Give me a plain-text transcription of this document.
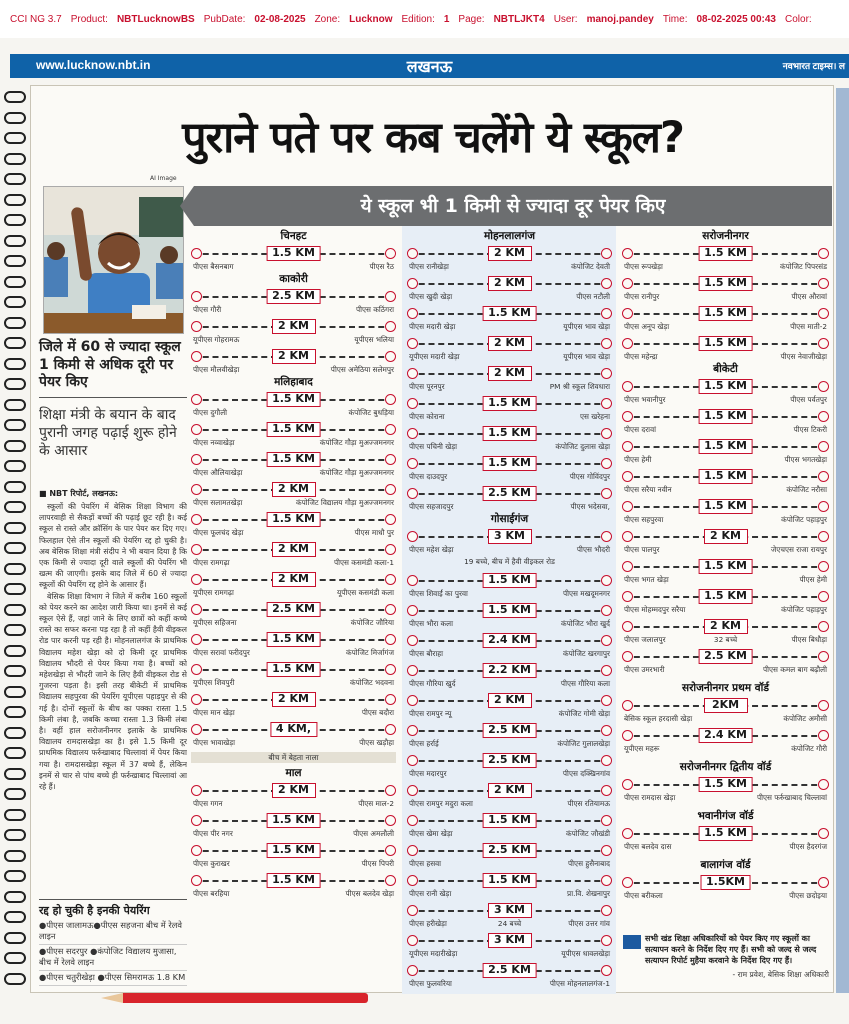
CCI NG 3.7 Product: NBTLucknowBS PubDate: 02-08-2025 Zone: Lucknow Edition: 1 Page: NBTLJKT4 User: manoj.pandey Time: 08-02-2025 00:43 Color:
www.lucknow.nbt.in	लखनऊ	नवभारत टाइम्स। ल
पुराने पते पर कब चलेंगे ये स्कूल?
AI Image
ये स्कूल भी 1 किमी से ज्यादा दूर पेयर किए
जिले में 60 से ज्यादा स्कूल 1 किमी से अधिक दूरी पर पेयर किए
शिक्षा मंत्री के बयान के बाद पुरानी जगह पढ़ाई शुरू होने के आसार
■ NBT रिपोर्ट, लखनऊ:

स्कूलों की पेयरिंग में बेसिक शिक्षा विभाग की लापरवाही से सैकड़ों बच्चों की पढ़ाई छूट रही है। कई स्कूल से रास्ते और क्रॉसिंग के पार पेयर कर दिए गए। फिलहाल ऐसे तीन स्कूलों की पेयरिंग रद्द हो चुकी है। अब बेसिक शिक्षा मंत्री संदीप ने भी बयान दिया है कि एक किमी से ज्यादा दूरी वाले स्कूलों की पेयरिंग भी खत्म की जाएगी। इसके बाद जिले में 60 से ज्यादा स्कूलों की पेयरिंग रद्द होने के आसार हैं।

बेसिक शिक्षा विभाग ने जिले में करीब 160 स्कूलों को पेयर करने का आदेश जारी किया था। इनमें से कई स्कूल ऐसे हैं, जहां जाने के लिए छात्रों को कहीं कच्चे रास्ते का सफर करना पड़ रहा है तो कहीं हैवी वीइकल रोड पार करनी पड़ रही है। मोहनलालगंज के प्राथमिक विद्यालय महेश खेड़ा को दो किमी दूर प्राथमिक विद्यालय भौदरी से पेयर किया गया है। बच्चों को महेशखेड़ा से भौदरी जाने के लिए हैवी वीइकल रोड से गुजरना पड़ता है। इसी तरह बीकेटी में प्राथमिक विद्यालय सहपुरवा की पेयरिंग यूपीएस पहाड़पुर से की गई है। दोनों स्कूलों के बीच का पक्का रास्ता 1.5 किमी लंबा है, जबकि कच्चा रास्ता 1.3 किमी लंबा है। वहीं हाल सरोजनीनगर इलाके के प्राथमिक विद्यालय रामदासखेड़ा का है। इसे 1.5 किमी दूर प्राथमिक विद्यालय फर्रुखाबाद चिल्लावां में पेयर किया गया है। रामदासखेड़ा स्कूल में 37 बच्चे हैं, लेकिन इनमें से चार से पांच बच्चे ही फर्रुखाबाद चिल्लावां आ रहे हैं।

रद्द हो चुकी है इनकी पेयरिंग
●पीएस जालामऊ●पीएस सहजना बीच में रेलवे लाइन
●पीएस सदरपुर ●कंपोजिट विद्यालय मुजासा, बीच में रेलवे लाइन
●पीएस चतुरीखेड़ा ●पीएस सिमरामऊ 1.8 KM
चिनहट
1.5 KM
पीएस बैसनबाग	पीएस रैठ
काकोरी
2.5 KM
पीएस गौरी	पीएस कठिंगरा
2 KM
यूपीएस गोहरामऊ	यूपीएस भलिया
2 KM
पीएस मौलवीखेड़ा	पीएस अमेठिया सलेमपुर
मलिहाबाद
1.5 KM
पीएस दुगौली	कंपोजिट बुधड़िया
1.5 KM
पीएस नव्वाखेड़ा	कंपोजिट गौड़ा मुअज्जमनगर
1.5 KM
पीएस औलियाखेड़ा	कंपोजिट गौड़ा मुअज्जमनगर
2 KM
पीएस सलामतखेड़ा	कंपोजिट विद्यालय गौड़ा मुअज्जमनगर
1.5 KM
पीएस फूलचंद खेड़ा	पीएस माधौ पुर
2 KM
पीएस रामगढ़ा	पीएस कसमंडी कला-1
2 KM
यूपीएस रामगढ़ा	यूपीएस कसमंडी कला
2.5 KM
यूपीएस सहिजना	कंपोजिट जौरिया
1.5 KM
पीएस सरावां फरीदपुर	कंपोजिट मिर्जागंज
1.5 KM
यूपीएस शिवपुरी	कंपोजिट भदवना
2 KM
पीएस मान खेड़ा	पीएस बदौरा
4 KM,
पीएस भावाखेड़ा	पीएस खड़ौहा
बीच में बेहता नाला
माल
2 KM
पीएस गगन	पीएस माल-2
1.5 KM
पीएस पीर नगर	पीएस अमलौली
1.5 KM
पीएस कुराखर	पीएस पिपरी
1.5 KM
पीएस बरहिया	पीएस बलदेव खेड़ा
मोहनलालगंज
2 KM
पीएस रानीखेड़ा	कंपोजिट देवती
2 KM
पीएस खुदी खेड़ा	पीएस नटौली
1.5 KM
पीएस मदारी खेड़ा	यूपीएस भाव खेड़ा
2 KM
यूपीएस मदारी खेड़ा	यूपीएस भाव खेड़ा
2 KM
पीएस पूरनपुर	PM श्री स्कूल शिवधारा
1.5 KM
पीएस कोराना	एस खरेहना
1.5 KM
पीएस पचिनी खेड़ा	कंपोजिट दुलास खेड़ा
1.5 KM
पीएस दाउदपुर	पीएस गोविंदपुर
2.5 KM
पीएस सहजादपुर	पीएस भदेसवा,
गोसाईगंज
3 KM
पीएस महेश खेड़ा	पीएस भौदरी
19 बच्चे, बीच में हैवी वीइकल रोड
1.5 KM
पीएस शिवाईं का पुरवा	पीएस मखदूमनगर
1.5 KM
पीएस भौरा कला	कंपोजिट भौरा खुर्द
2.4 KM
पीएस बौराहा	कंपोजिट खरगापुर
2.2 KM
पीएस गौरिया खुर्द	पीएस गौरिया कला
2 KM
पीएस रामपुर न्यू	कंपोजिट गोमी खेड़ा
2.5 KM
पीएस हर्राई	कंपोजिट गुलालखेड़ा
2.5 KM
पीएस मदारपुर	पीएस दक्खिनगांव
2 KM
पीएस रामपुर मदुरा कला	पीएस रतियामऊ
1.5 KM
पीएस खेमा खेड़ा	कंपोजिट जौखंडी
2.5 KM
पीएस हसवा	पीएस हुसैनाबाद
1.5 KM
पीएस रानी खेड़ा	प्रा.वि. शेखनापुर
3 KM
पीएस हरीखेड़ा	पीएस उत्तर गांव
24 बच्चे
3 KM
यूपीएस मदारीखेड़ा	यूपीएस धावलखेड़ा
2.5 KM
पीएस फुलवरिया	पीएस मोहनलालगंज-1
सरोजनीनगर
1.5 KM
पीएस रूपखेड़ा	कंपोजिट पिपरसंड
1.5 KM
पीएस रानीपुर	पीएस औरावां
1.5 KM
पीएस अनूप खेड़ा	पीएस माती-2
1.5 KM
पीएस महेन्द्रा	पीएस नेवाजीखेड़ा
बीकेटी
1.5 KM
पीएस भवानीपुर	पीएस पर्वतपुर
1.5 KM
पीएस दरावां	पीएस टिकरी
1.5 KM
पीएस हेमी	पीएस भगतखेड़ा
1.5 KM
पीएस सरैया नवीन	कंपोजिट नरौसा
1.5 KM
पीएस सहपुरवा	कंपोजिट पहाड़पुर
2 KM
पीएस पालपुर	जेएचएस राजा रायपुर
1.5 KM
पीएस भगत खेड़ा	पीएस हेमी
1.5 KM
पीएस मोहम्मदपुर सरैया	कंपोजिट पहाड़पुर
2 KM
पीएस जलालपुर	पीएस बिधौड़ा
32 बच्चे
2.5 KM
पीएस उमरभारी	पीएस कमल बाग बढ़ौली
सरोजनीनगर प्रथम वॉर्ड
2KM
बेसिक स्कूल हरदासी खेड़ा	कंपोजिट अमौसी
2.4 KM
यूपीएस महरू	कंपोजिट गौरी
सरोजनीनगर द्वितीय वॉर्ड
1.5 KM
पीएस रामदास खेड़ा	पीएस फर्रुखाबाद चिल्लावां
भवानीगंज वॉर्ड
1.5 KM
पीएस बलदेव दास	पीएस हैदरगंज
बालागंज वॉर्ड
1.5KM
पीएस बरीकला	पीएस छदोइया
सभी खंड शिक्षा अधिकारियों को पेयर किए गए स्कूलों का सत्यापन करने के निर्देश दिए गए हैं। सभी को जल्द से जल्द सत्यापन रिपोर्ट मुहैया करवाने के निर्देश दिए गए हैं।
- राम प्रवेश, बेसिक शिक्षा अधिकारी
